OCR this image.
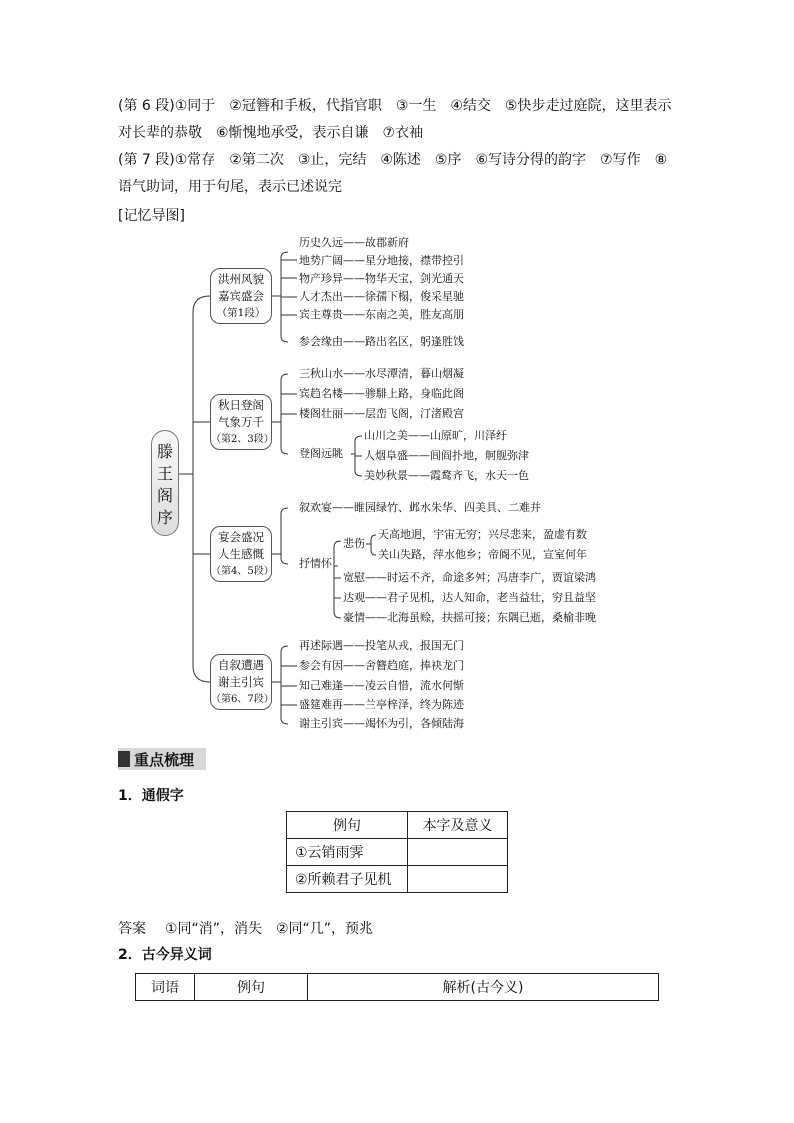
(第 6 段)①同于　②冠簪和手板，代指官职　③一生　④结交　⑤快步走过庭院，这里表示
对长辈的恭敬　⑥惭愧地承受，表示自谦　⑦衣袖
(第 7 段)①常存　②第二次　③止，完结　④陈述　⑤序　⑥写诗分得的韵字　⑦写作　⑧
语气助词，用于句尾，表示已述说完
[记忆导图]
滕王阁序
洪州风貌
嘉宾盛会
（第1段）
秋日登阁
气象万千
（第2、3段）
宴会盛况
人生感慨
（第4、5段）
自叙遭遇
谢主引宾
（第6、7段）
历史久远——故郡新府
地势广阔——星分地接，襟带控引
物产珍异——物华天宝，剑光通天
人才杰出——徐孺下榻，俊采星驰
宾主尊贵——东南之美，胜友高朋
参会缘由——路出名区，躬逢胜饯
三秋山水——水尽潭清，暮山烟凝
宾趋名楼——骖騑上路，身临此阁
楼阁壮丽——层峦飞阁，汀渚殿宫
登阁远眺
山川之美——山原旷，川泽纡
人烟阜盛——闾阎扑地，舸舰弥津
美妙秋景——霞鹜齐飞，水天一色
叙欢宴——睢园绿竹、邺水朱华、四美具、二难并
抒情怀
悲伤
天高地迥，宇宙无穷；兴尽悲来，盈虚有数
关山失路，萍水他乡；帝阍不见，宣室何年
宽慰——时运不齐，命途多舛；冯唐李广，贾谊梁鸿
达观——君子见机，达人知命，老当益壮，穷且益坚
豪情——北海虽赊，扶摇可接；东隅已逝，桑榆非晚
再述际遇——投笔从戎，报国无门
参会有因——舍簪趋庭，捧袂龙门
知己难逢——凌云自惜，流水何惭
盛筵难再——兰亭梓泽，终为陈迹
谢主引宾——竭怀为引，各倾陆海
重点梳理
1．通假字
例句	本字及意义
①云销雨霁	
②所赖君子见机	
答案 ①同“消”，消失　②同“几”，预兆
2．古今异义词
词语	例句	解析(古今义)
